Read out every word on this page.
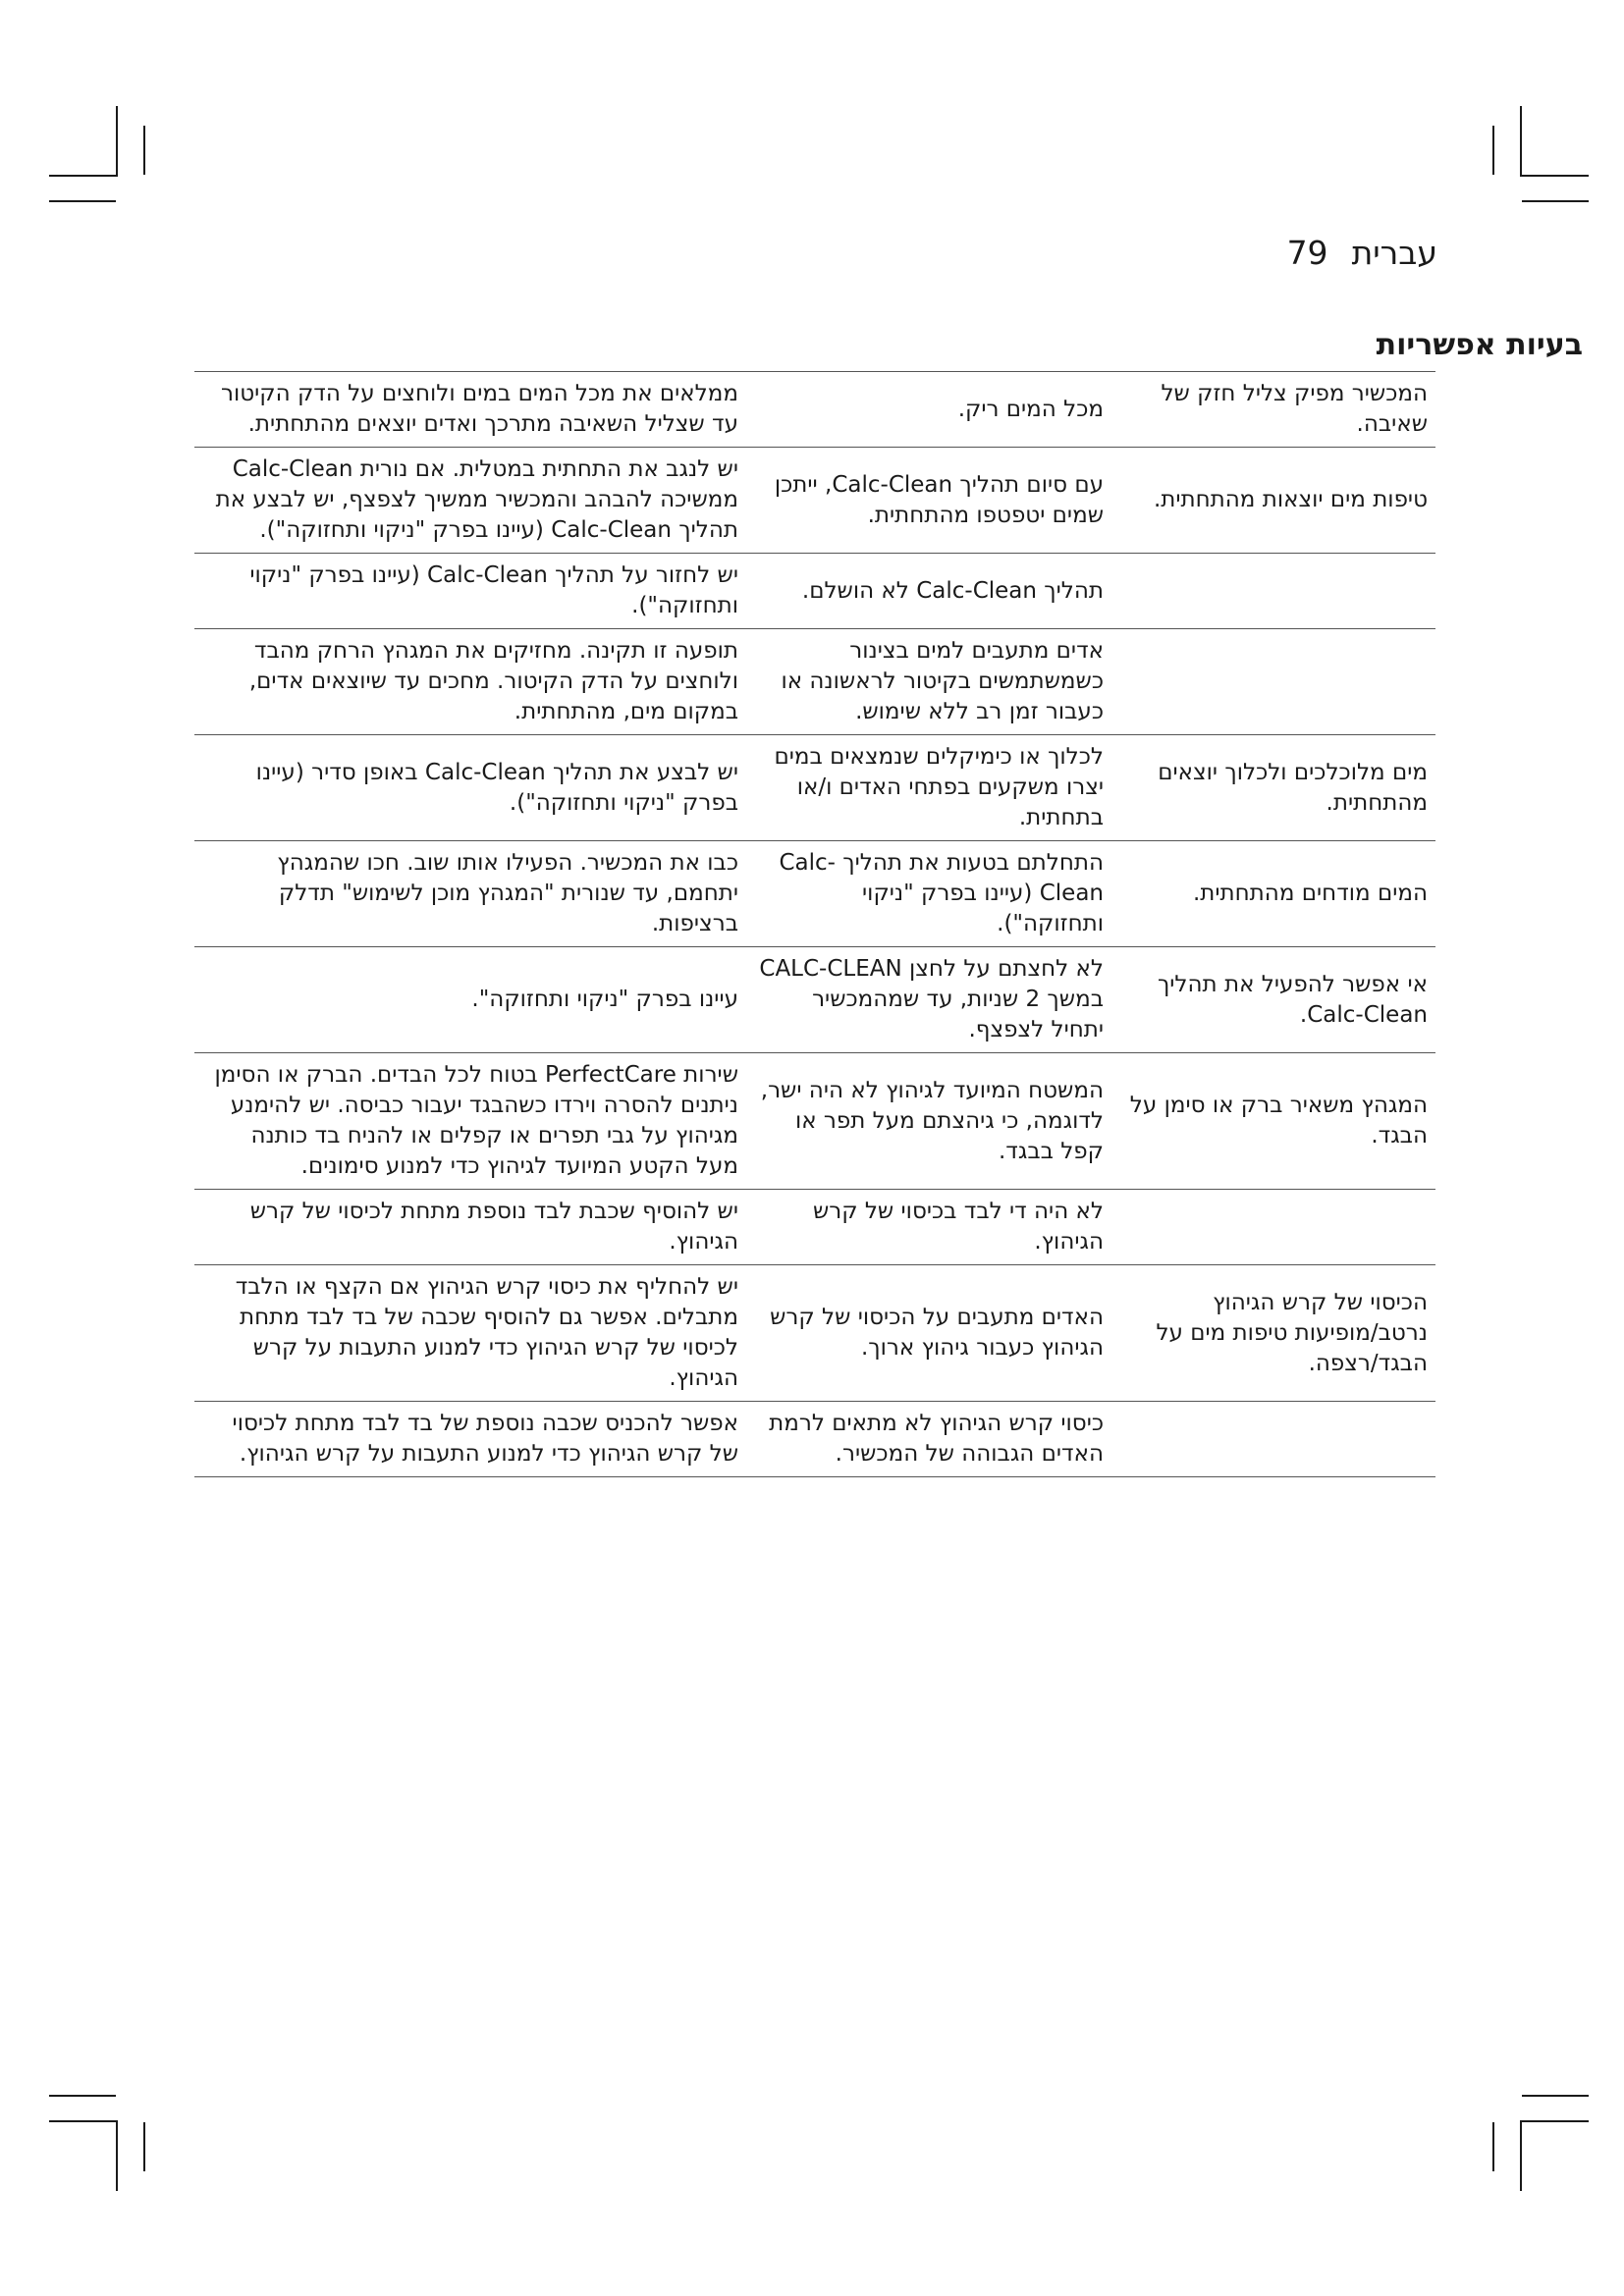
עברית
79
בעיות אפשריות
המכשיר מפיק צליל חזק של שאיבה.	מכל המים ריק.	ממלאים את מכל המים במים ולוחצים על הדק הקיטור עד שצליל השאיבה מתרכך ואדים יוצאים מהתחתית.
טיפות מים יוצאות מהתחתית.	עם סיום תהליך Calc-Clean, ייתכן שמים יטפטפו מהתחתית.	יש לנגב את התחתית במטלית. אם נורית Calc-Clean ממשיכה להבהב והמכשיר ממשיך לצפצף, יש לבצע את תהליך Calc-Clean (עיינו בפרק "ניקוי ותחזוקה").
	תהליך Calc-Clean לא הושלם.	יש לחזור על תהליך Calc-Clean (עיינו בפרק "ניקוי ותחזוקה").
	אדים מתעבים למים בצינור כשמשתמשים בקיטור לראשונה או כעבור זמן רב ללא שימוש.	תופעה זו תקינה. מחזיקים את המגהץ הרחק מהבד ולוחצים על הדק הקיטור. מחכים עד שיוצאים אדים, במקום מים, מהתחתית.
מים מלוכלכים ולכלוך יוצאים מהתחתית.	לכלוך או כימיקלים שנמצאים במים יצרו משקעים בפתחי האדים ו/או בתחתית.	יש לבצע את תהליך Calc-Clean באופן סדיר (עיינו בפרק "ניקוי ותחזוקה").
המים מודחים מהתחתית.	התחלתם בטעות את תהליך Calc-Clean (עיינו בפרק "ניקוי ותחזוקה").	כבו את המכשיר. הפעילו אותו שוב. חכו שהמגהץ יתחמם, עד שנורית "המגהץ מוכן לשימוש" תדלק ברציפות.
אי אפשר להפעיל את תהליך Calc-Clean.	לא לחצתם על לחצן CALC-CLEAN במשך 2 שניות, עד שמהמכשיר יתחיל לצפצף.	עיינו בפרק "ניקוי ותחזוקה".
המגהץ משאיר ברק או סימן על הבגד.	המשטח המיועד לגיהוץ לא היה ישר, לדוגמה, כי גיהצתם מעל תפר או קפל בבגד.	שירות PerfectCare בטוח לכל הבדים. הברק או הסימן ניתנים להסרה וירדו כשהבגד יעבור כביסה. יש להימנע מגיהוץ על גבי תפרים או קפלים או להניח בד כותנה מעל הקטע המיועד לגיהוץ כדי למנוע סימונים.
	לא היה די לבד בכיסוי של קרש הגיהוץ.	יש להוסיף שכבת לבד נוספת מתחת לכיסוי של קרש הגיהוץ.
הכיסוי של קרש הגיהוץ נרטב/מופיעות טיפות מים על הבגד/רצפה.	האדים מתעבים על הכיסוי של קרש הגיהוץ כעבור גיהוץ ארוך.	יש להחליף את כיסוי קרש הגיהוץ אם הקצף או הלבד מתבלים. אפשר גם להוסיף שכבה של בד לבד מתחת לכיסוי של קרש הגיהוץ כדי למנוע התעבות על קרש הגיהוץ.
	כיסוי קרש הגיהוץ לא מתאים לרמת האדים הגבוהה של המכשיר.	אפשר להכניס שכבה נוספת של בד לבד מתחת לכיסוי של קרש הגיהוץ כדי למנוע התעבות על קרש הגיהוץ.
